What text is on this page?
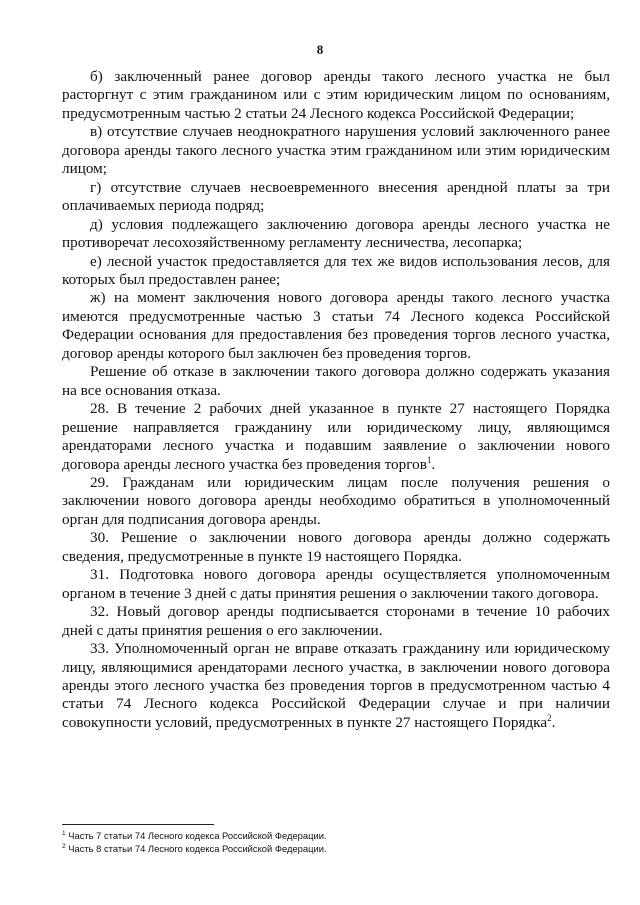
8

б) заключенный ранее договор аренды такого лесного участка не был расторгнут с этим гражданином или с этим юридическим лицом по основаниям, предусмотренным частью 2 статьи 24 Лесного кодекса Российской Федерации;

в) отсутствие случаев неоднократного нарушения условий заключенного ранее договора аренды такого лесного участка этим гражданином или этим юридическим лицом;

г) отсутствие случаев несвоевременного внесения арендной платы за три оплачиваемых периода подряд;

д) условия подлежащего заключению договора аренды лесного участка не противоречат лесохозяйственному регламенту лесничества, лесопарка;

е) лесной участок предоставляется для тех же видов использования лесов, для которых был предоставлен ранее;

ж) на момент заключения нового договора аренды такого лесного участка имеются предусмотренные частью 3 статьи 74 Лесного кодекса Российской Федерации основания для предоставления без проведения торгов лесного участка, договор аренды которого был заключен без проведения торгов.

Решение об отказе в заключении такого договора должно содержать указания на все основания отказа.

28. В течение 2 рабочих дней указанное в пункте 27 настоящего Порядка решение направляется гражданину или юридическому лицу, являющимся арендаторами лесного участка и подавшим заявление о заключении нового договора аренды лесного участка без проведения торгов$^1$.

29. Гражданам или юридическим лицам после получения решения о заключении нового договора аренды необходимо обратиться в уполномоченный орган для подписания договора аренды.

30. Решение о заключении нового договора аренды должно содержать сведения, предусмотренные в пункте 19 настоящего Порядка.

31. Подготовка нового договора аренды осуществляется уполномоченным органом в течение 3 дней с даты принятия решения о заключении такого договора.

32. Новый договор аренды подписывается сторонами в течение 10 рабочих дней с даты принятия решения о его заключении.

33. Уполномоченный орган не вправе отказать гражданину или юридическому лицу, являющимися арендаторами лесного участка, в заключении нового договора аренды этого лесного участка без проведения торгов в предусмотренном частью 4 статьи 74 Лесного кодекса Российской Федерации случае и при наличии совокупности условий, предусмотренных в пункте 27 настоящего Порядка$^2$.

$^1$ Часть 7 статьи 74 Лесного кодекса Российской Федерации.
$^2$ Часть 8 статьи 74 Лесного кодекса Российской Федерации.
